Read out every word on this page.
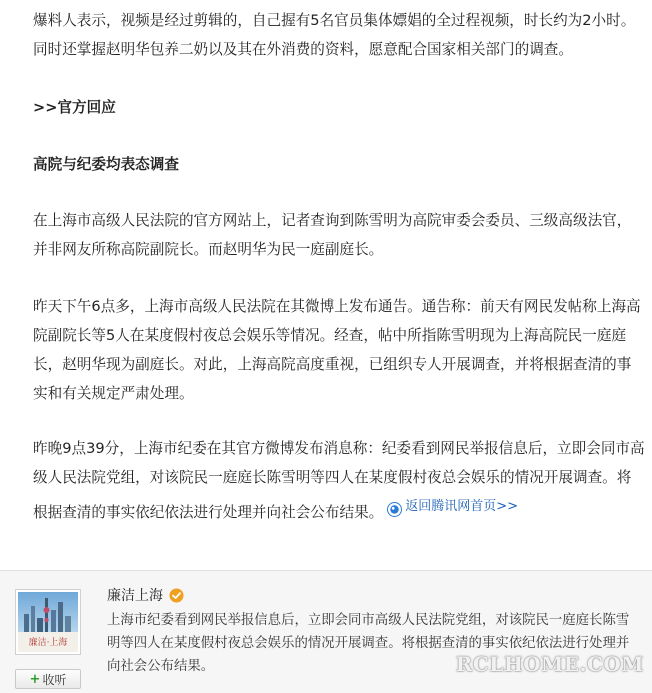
爆料人表示，视频是经过剪辑的，自己握有5名官员集体嫖娼的全过程视频，时长约为2小时。同时还掌握赵明华包养二奶以及其在外消费的资料，愿意配合国家相关部门的调查。

>>官方回应
高院与纪委均表态调查

在上海市高级人民法院的官方网站上，记者查询到陈雪明为高院审委会委员、三级高级法官，并非网友所称高院副院长。而赵明华为民一庭副庭长。

昨天下午6点多，上海市高级人民法院在其微博上发布通告。通告称：前天有网民发帖称上海高院副院长等5人在某度假村夜总会娱乐等情况。经查，帖中所指陈雪明现为上海高院民一庭庭长，赵明华现为副庭长。对此，上海高院高度重视，已组织专人开展调查，并将根据查清的事实和有关规定严肃处理。

昨晚9点39分，上海市纪委在其官方微博发布消息称：纪委看到网民举报信息后，立即会同市高级人民法院党组，对该院民一庭庭长陈雪明等四人在某度假村夜总会娱乐的情况开展调查。将根据查清的事实依纪依法进行处理并向社会公布结果。 返回腾讯网首页>>

廉洁·上海
+ 收听
廉洁上海
上海市纪委看到网民举报信息后，立即会同市高级人民法院党组，对该院民一庭庭长陈雪明等四人在某度假村夜总会娱乐的情况开展调查。将根据查清的事实依纪依法进行处理并向社会公布结果。	RCLHOME.COM
